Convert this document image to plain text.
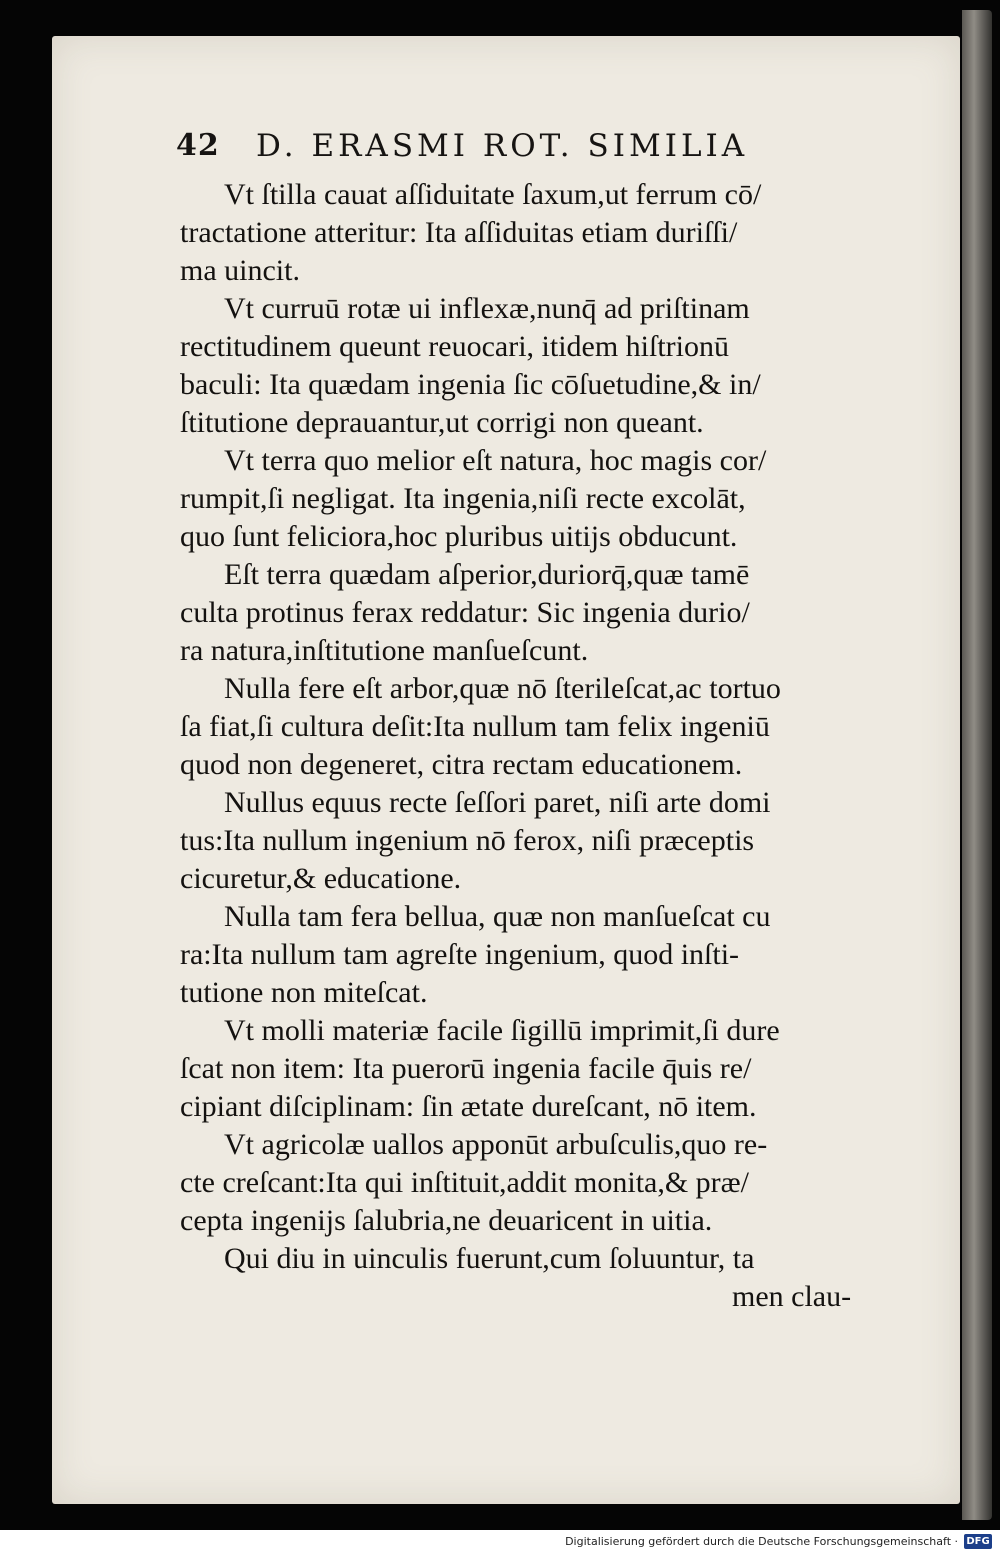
42 D. ERASMI ROT. SIMILIA
Vt ſtilla cauat aſſiduitate ſaxum,ut ferrum cō/
tractatione atteritur: Ita aſſiduitas etiam duriſſi/
ma uincit.
Vt curruū rotæ ui inflexæ,nunq̄ ad priſtinam
rectitudinem queunt reuocari, itidem hiſtrionū
baculi: Ita quædam ingenia ſic cōſuetudine,& in/
ſtitutione deprauantur,ut corrigi non queant.
Vt terra quo melior eſt natura, hoc magis cor/
rumpit,ſi negligat. Ita ingenia,niſi recte excolāt,
quo ſunt feliciora,hoc pluribus uitijs obducunt.
Eſt terra quædam aſperior,duriorq̄,quæ tamē
culta protinus ferax reddatur: Sic ingenia durio/
ra natura,inſtitutione manſueſcunt.
Nulla fere eſt arbor,quæ nō ſterileſcat,ac tortuo
ſa fiat,ſi cultura deſit:Ita nullum tam felix ingeniū
quod non degeneret, citra rectam educationem.
Nullus equus recte ſeſſori paret, niſi arte domi
tus:Ita nullum ingenium nō ferox, niſi præceptis
cicuretur,& educatione.
Nulla tam fera bellua, quæ non manſueſcat cu
ra:Ita nullum tam agreſte ingenium, quod inſti-
tutione non miteſcat.
Vt molli materiæ facile ſigillū imprimit,ſi dure
ſcat non item: Ita puerorū ingenia facile q̄uis re/
cipiant diſciplinam: ſin ætate dureſcant, nō item.
Vt agricolæ uallos apponūt arbuſculis,quo re-
cte creſcant:Ita qui inſtituit,addit monita,& præ/
cepta ingenijs ſalubria,ne deuaricent in uitia.
Qui diu in uinculis fuerunt,cum ſoluuntur, ta
men clau-
Digitalisierung gefördert durch die Deutsche Forschungsgemeinschaft · DFG
